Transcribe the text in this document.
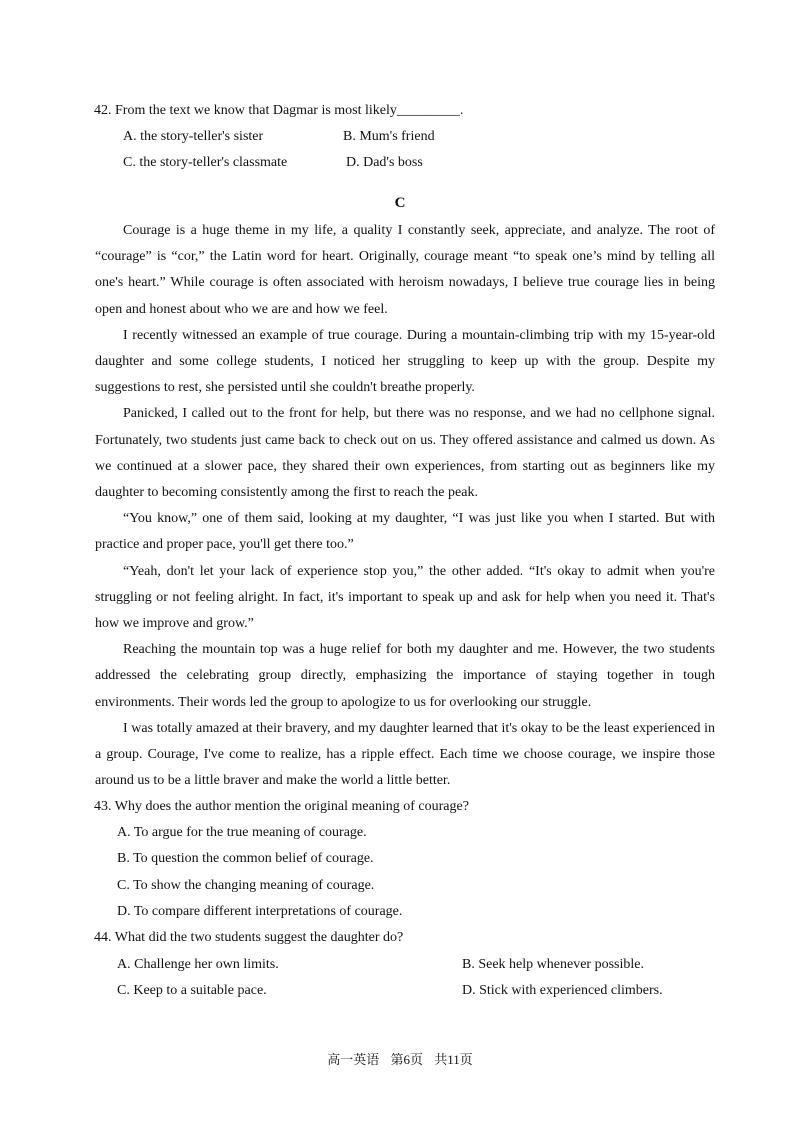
42. From the text we know that Dagmar is most likely_________.
A. the story-teller's sister	B. Mum's friend
C. the story-teller's classmate	D. Dad's boss
C

Courage is a huge theme in my life, a quality I constantly seek, appreciate, and analyze. The root of “courage” is “cor,” the Latin word for heart. Originally, courage meant “to speak one’s mind by telling all one's heart.” While courage is often associated with heroism nowadays, I believe true courage lies in being open and honest about who we are and how we feel.

I recently witnessed an example of true courage. During a mountain-climbing trip with my 15-year-old daughter and some college students, I noticed her struggling to keep up with the group. Despite my suggestions to rest, she persisted until she couldn't breathe properly.

Panicked, I called out to the front for help, but there was no response, and we had no cellphone signal. Fortunately, two students just came back to check out on us. They offered assistance and calmed us down. As we continued at a slower pace, they shared their own experiences, from starting out as beginners like my daughter to becoming consistently among the first to reach the peak.

“You know,” one of them said, looking at my daughter, “I was just like you when I started. But with practice and proper pace, you'll get there too.”

“Yeah, don't let your lack of experience stop you,” the other added. “It's okay to admit when you're struggling or not feeling alright. In fact, it's important to speak up and ask for help when you need it. That's how we improve and grow.”

Reaching the mountain top was a huge relief for both my daughter and me. However, the two students addressed the celebrating group directly, emphasizing the importance of staying together in tough environments. Their words led the group to apologize to us for overlooking our struggle.

I was totally amazed at their bravery, and my daughter learned that it's okay to be the least experienced in a group. Courage, I've come to realize, has a ripple effect. Each time we choose courage, we inspire those around us to be a little braver and make the world a little better.

43. Why does the author mention the original meaning of courage?
A. To argue for the true meaning of courage.
B. To question the common belief of courage.
C. To show the changing meaning of courage.
D. To compare different interpretations of courage.
44. What did the two students suggest the daughter do?
A. Challenge her own limits.	B. Seek help whenever possible.
C. Keep to a suitable pace.	D. Stick with experienced climbers.
高一英语 第6页 共11页
